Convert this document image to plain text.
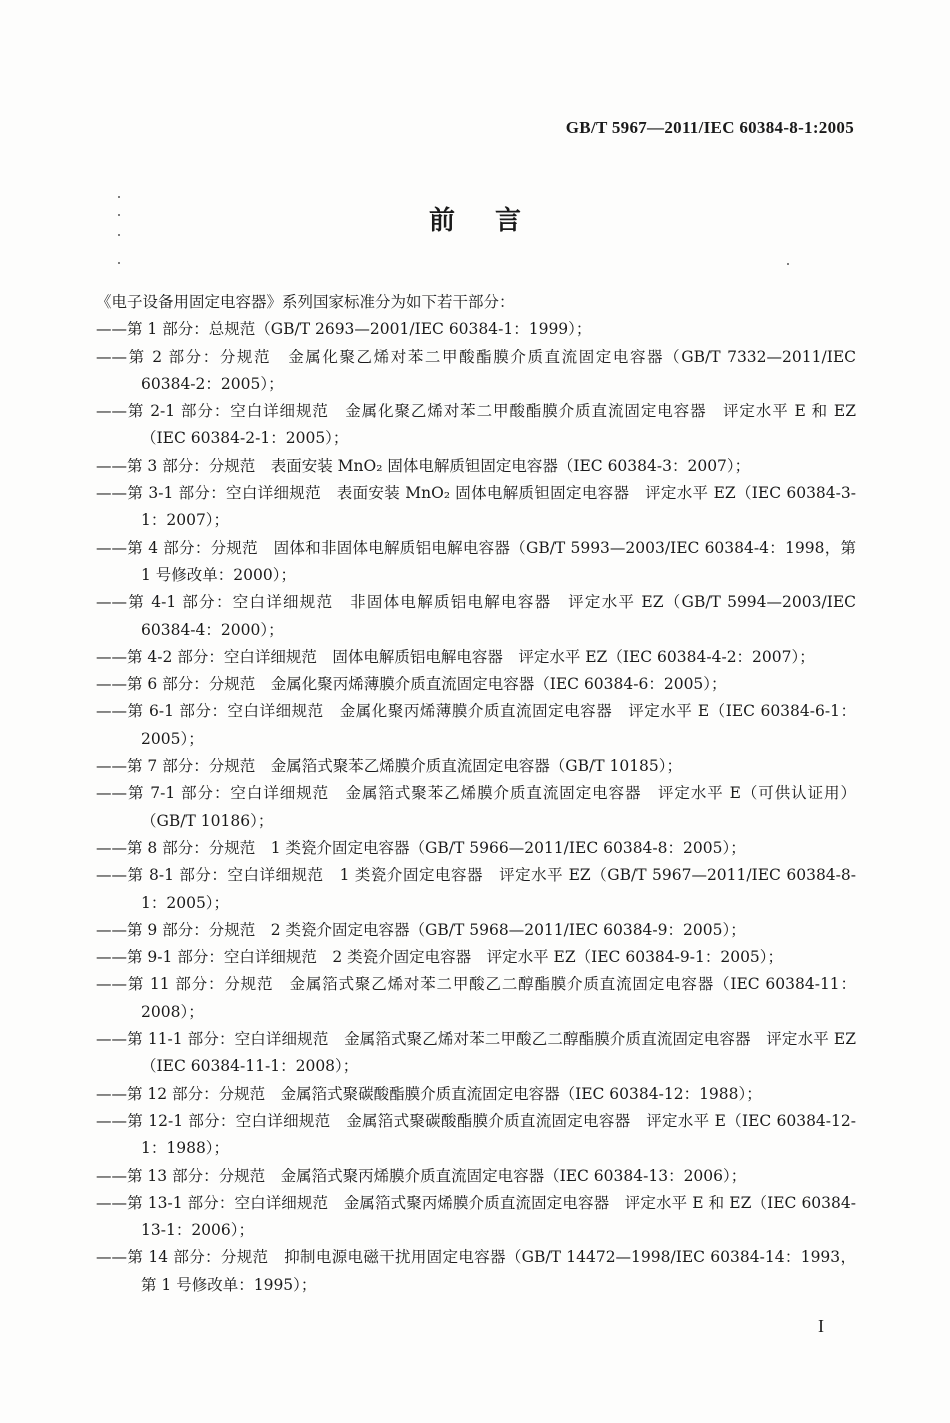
GB/T 5967—2011/IEC 60384-8-1:2005
前言
《电子设备用固定电容器》系列国家标准分为如下若干部分：
——第 1 部分：总规范（GB/T 2693—2001/IEC 60384-1：1999）；
——第 2 部分：分规范　金属化聚乙烯对苯二甲酸酯膜介质直流固定电容器（GB/T 7332—2011/IEC 60384-2：2005）；
——第 2-1 部分：空白详细规范　金属化聚乙烯对苯二甲酸酯膜介质直流固定电容器　评定水平 E 和 EZ（IEC 60384-2-1：2005）；
——第 3 部分：分规范　表面安装 MnO₂ 固体电解质钽固定电容器（IEC 60384-3：2007）；
——第 3-1 部分：空白详细规范　表面安装 MnO₂ 固体电解质钽固定电容器　评定水平 EZ（IEC 60384-3-1：2007）；
——第 4 部分：分规范　固体和非固体电解质铝电解电容器（GB/T 5993—2003/IEC 60384-4：1998，第 1 号修改单：2000）；
——第 4-1 部分：空白详细规范　非固体电解质铝电解电容器　评定水平 EZ（GB/T 5994—2003/IEC 60384-4：2000）；
——第 4-2 部分：空白详细规范　固体电解质铝电解电容器　评定水平 EZ（IEC 60384-4-2：2007）；
——第 6 部分：分规范　金属化聚丙烯薄膜介质直流固定电容器（IEC 60384-6：2005）；
——第 6-1 部分：空白详细规范　金属化聚丙烯薄膜介质直流固定电容器　评定水平 E（IEC 60384-6-1：2005）；
——第 7 部分：分规范　金属箔式聚苯乙烯膜介质直流固定电容器（GB/T 10185）；
——第 7-1 部分：空白详细规范　金属箔式聚苯乙烯膜介质直流固定电容器　评定水平 E（可供认证用）（GB/T 10186）；
——第 8 部分：分规范　1 类瓷介固定电容器（GB/T 5966—2011/IEC 60384-8：2005）；
——第 8-1 部分：空白详细规范　1 类瓷介固定电容器　评定水平 EZ（GB/T 5967—2011/IEC 60384-8-1：2005）；
——第 9 部分：分规范　2 类瓷介固定电容器（GB/T 5968—2011/IEC 60384-9：2005）；
——第 9-1 部分：空白详细规范　2 类瓷介固定电容器　评定水平 EZ（IEC 60384-9-1：2005）；
——第 11 部分：分规范　金属箔式聚乙烯对苯二甲酸乙二醇酯膜介质直流固定电容器（IEC 60384-11：2008）；
——第 11-1 部分：空白详细规范　金属箔式聚乙烯对苯二甲酸乙二醇酯膜介质直流固定电容器　评定水平 EZ（IEC 60384-11-1：2008）；
——第 12 部分：分规范　金属箔式聚碳酸酯膜介质直流固定电容器（IEC 60384-12：1988）；
——第 12-1 部分：空白详细规范　金属箔式聚碳酸酯膜介质直流固定电容器　评定水平 E（IEC 60384-12-1：1988）；
——第 13 部分：分规范　金属箔式聚丙烯膜介质直流固定电容器（IEC 60384-13：2006）；
——第 13-1 部分：空白详细规范　金属箔式聚丙烯膜介质直流固定电容器　评定水平 E 和 EZ（IEC 60384-13-1：2006）；
——第 14 部分：分规范　抑制电源电磁干扰用固定电容器（GB/T 14472—1998/IEC 60384-14：1993，第 1 号修改单：1995）；
I
